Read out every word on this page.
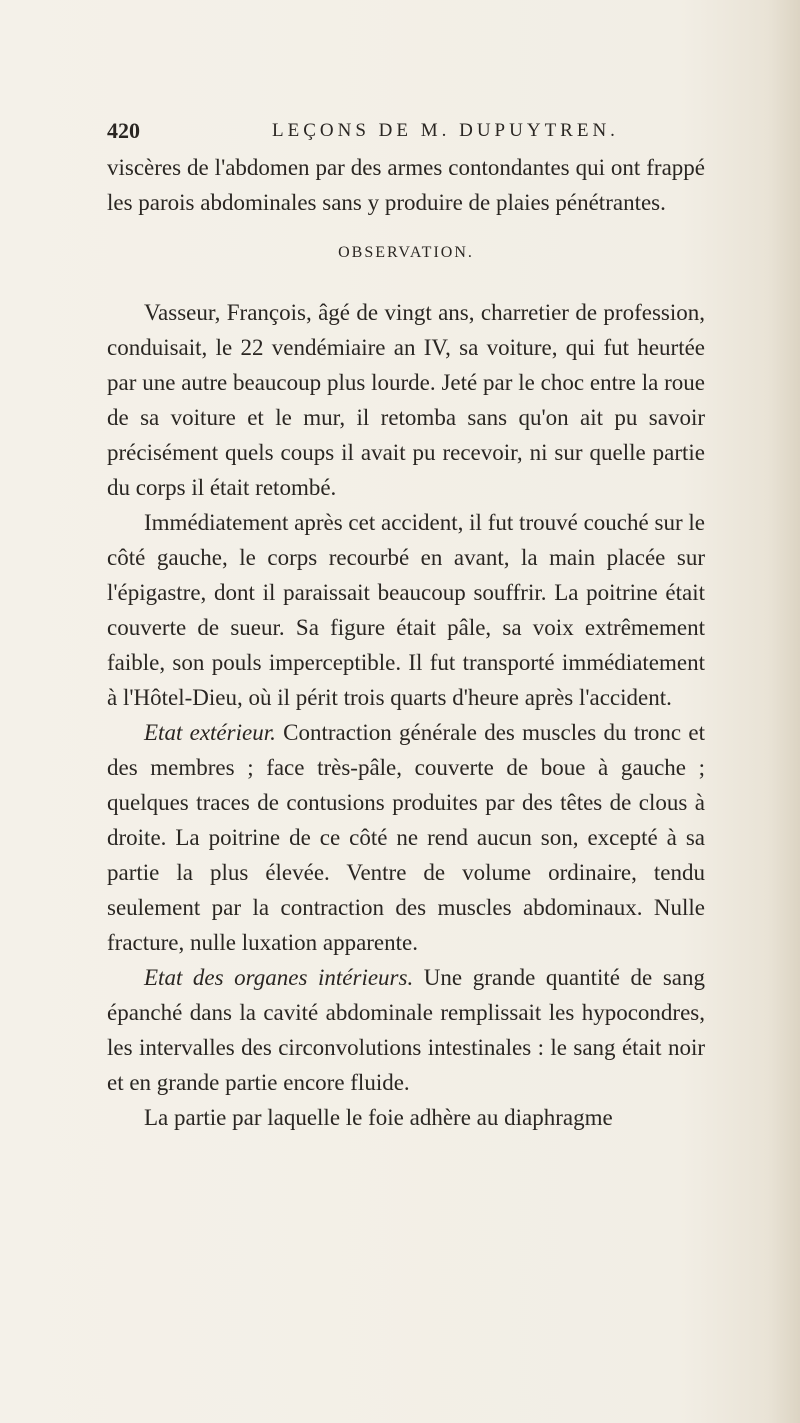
420	LEÇONS DE M. DUPUYTREN.

viscères de l'abdomen par des armes contondantes qui ont frappé les parois abdominales sans y produire de plaies pénétrantes.

OBSERVATION.

Vasseur, François, âgé de vingt ans, charretier de profession, conduisait, le 22 vendémiaire an IV, sa voiture, qui fut heurtée par une autre beaucoup plus lourde. Jeté par le choc entre la roue de sa voiture et le mur, il retomba sans qu'on ait pu savoir précisément quels coups il avait pu recevoir, ni sur quelle partie du corps il était retombé.

Immédiatement après cet accident, il fut trouvé couché sur le côté gauche, le corps recourbé en avant, la main placée sur l'épigastre, dont il paraissait beaucoup souffrir. La poitrine était couverte de sueur. Sa figure était pâle, sa voix extrêmement faible, son pouls imperceptible. Il fut transporté immédiatement à l'Hôtel-Dieu, où il périt trois quarts d'heure après l'accident.

Etat extérieur. Contraction générale des muscles du tronc et des membres ; face très-pâle, couverte de boue à gauche ; quelques traces de contusions produites par des têtes de clous à droite. La poitrine de ce côté ne rend aucun son, excepté à sa partie la plus élevée. Ventre de volume ordinaire, tendu seulement par la contraction des muscles abdominaux. Nulle fracture, nulle luxation apparente.

Etat des organes intérieurs. Une grande quantité de sang épanché dans la cavité abdominale remplissait les hypocondres, les intervalles des circonvolutions intestinales : le sang était noir et en grande partie encore fluide.

La partie par laquelle le foie adhère au diaphragme
